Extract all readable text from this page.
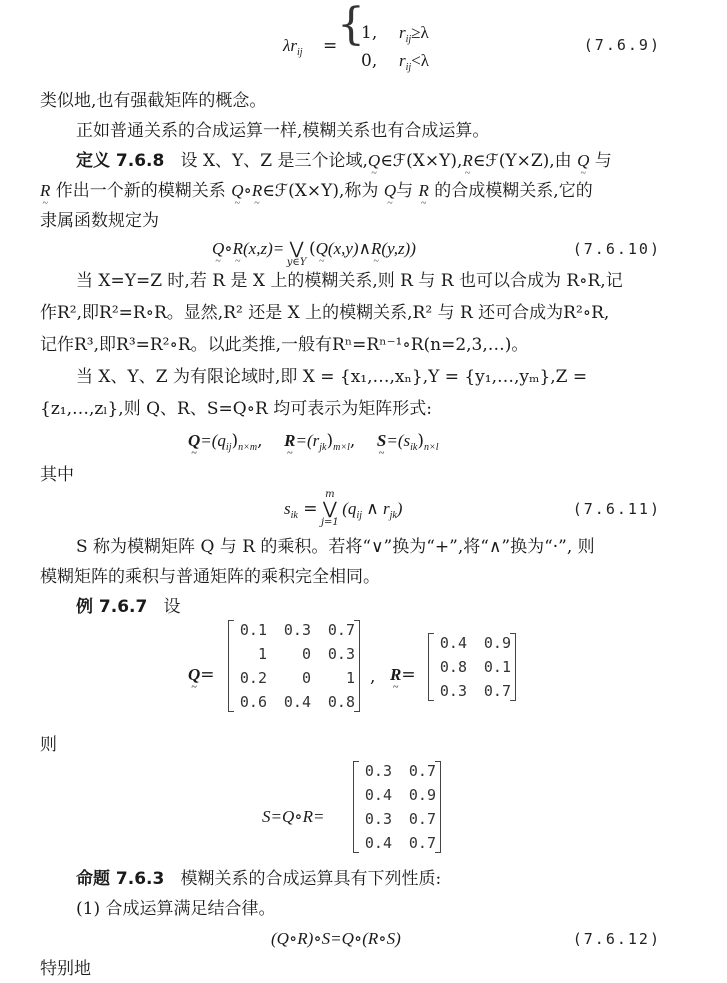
$\lambda r_{ij}$ = {
1, $r_{ij}\ge\lambda$
0, $r_{ij}<\lambda$
(7.6.9)
类似地,也有强截矩阵的概念。
正如普通关系的合成运算一样,模糊关系也有合成运算。
定义 7.6.8 设 X、Y、Z 是三个论域,Q ~∈ℱ(X×Y),R ~∈ℱ(Y×Z),由 Q ~ 与
R ~ 作出一个新的模糊关系 Q ~∘R ~∈ℱ(X×Y),称为 Q ~与 R ~ 的合成模糊关系,它的
隶属函数规定为
Q ~∘R ~(x,z)= ⋁
y∈Y
(Q ~(x,y)∧R ~(y,z))	(7.6.10)
当 X=Y=Z 时,若 R 是 X 上的模糊关系,则 R 与 R 也可以合成为 R∘R,记
作R²,即R²=R∘R。显然,R² 还是 X 上的模糊关系,R² 与 R 还可合成为R²∘R,
记作R³,即R³=R²∘R。以此类推,一般有Rⁿ=Rⁿ⁻¹∘R(n=2,3,…)。
当 X、Y、Z 为有限论域时,即 X = {x₁,…,xₙ},Y = {y₁,…,yₘ},Z =
{z₁,…,zₗ},则 Q、R、S=Q∘R 均可表示为矩阵形式:
Q $\sim=(q_{ij})_{n\times m}$, R $\sim=(r_{jk})_{m\times l}$, S $\sim=(s_{ik})_{n\times l}$
其中
$s_{ik}$ =
m
⋁
j=1
($q_{ij}$ ∧ $r_{jk}$)	(7.6.11)
S 称为模糊矩阵 Q 与 R 的乘积。若将“∨”换为“+”,将“∧”换为“·”, 则
模糊矩阵的乘积与普通矩阵的乘积完全相同。
例 7.6.7 设
Q ~=
0.1	0.3	0.7
1	0	0.3
0.2	0	1
0.6	0.4	0.8
, R ~=
0.4	0.9
0.8	0.1
0.3	0.7
则
S=Q∘R=
0.3	0.7
0.4	0.9
0.3	0.7
0.4	0.7
命题 7.6.3 模糊关系的合成运算具有下列性质:
(1) 合成运算满足结合律。
(Q∘R)∘S=Q∘(R∘S)	(7.6.12)
特别地
